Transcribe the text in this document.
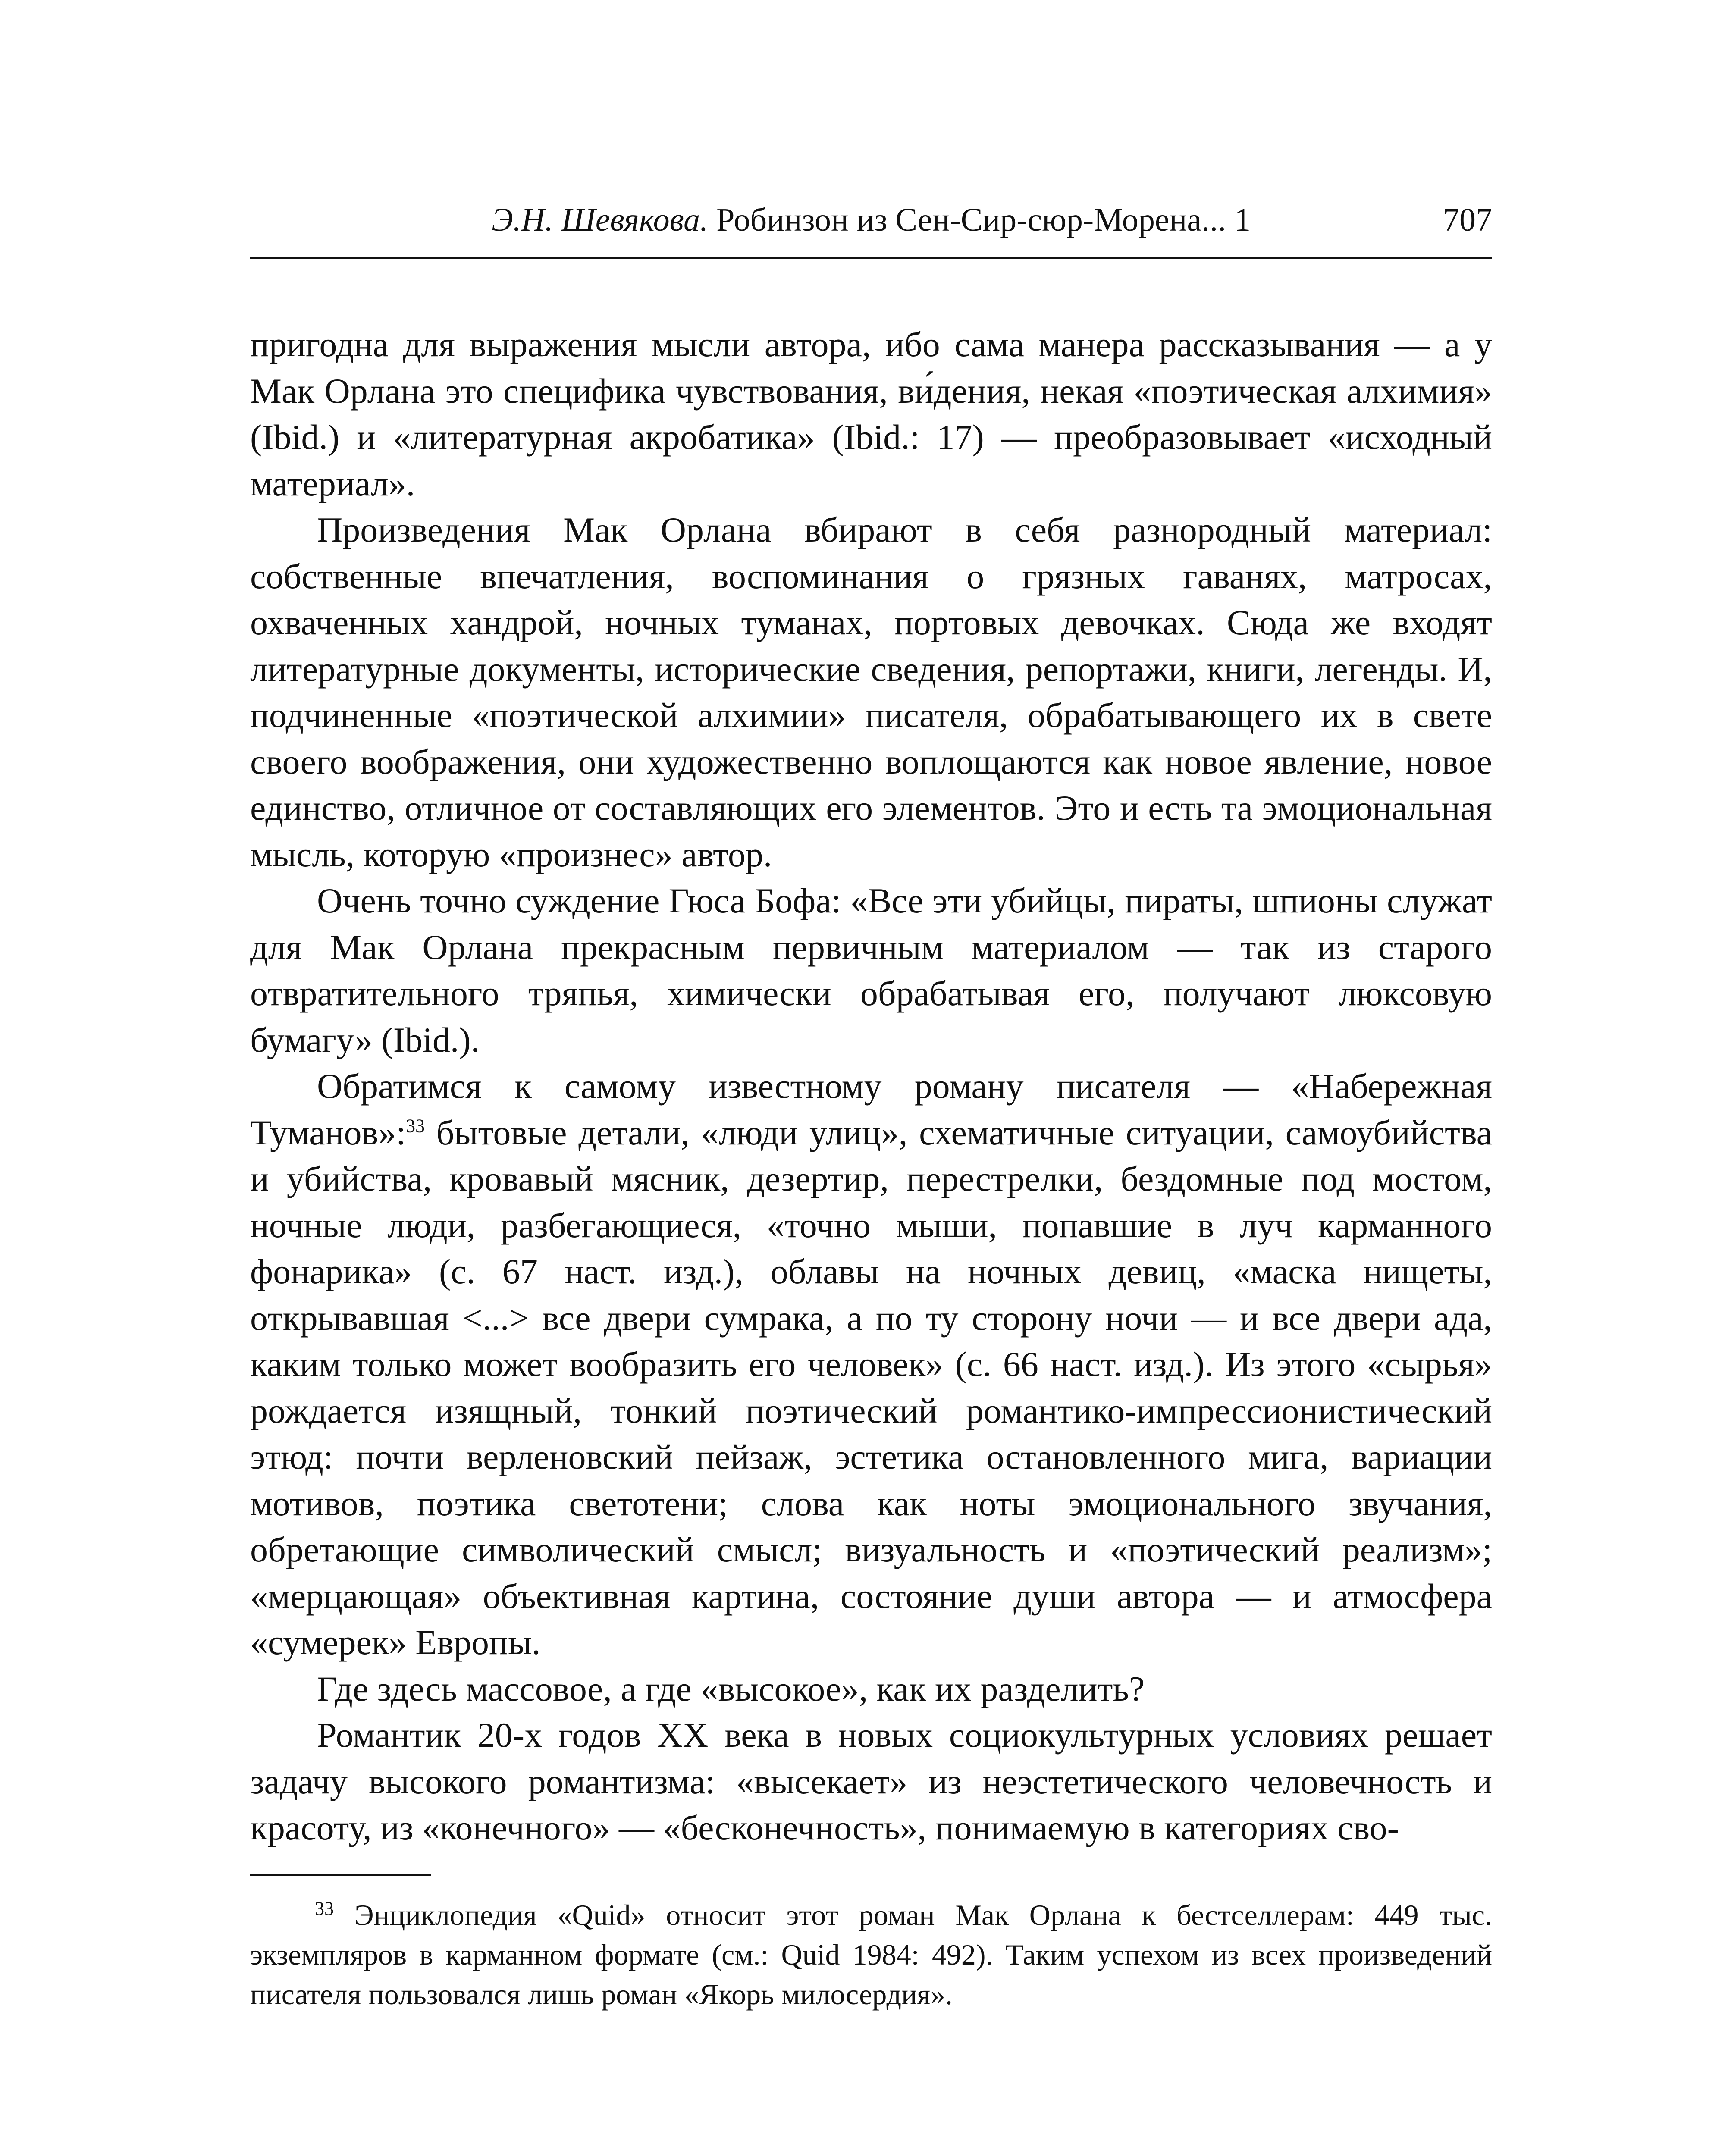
Э.Н. Шевякова. Робинзон из Сен-Сир-сюр-Морена... 1	707

пригодна для выражения мысли автора, ибо сама манера рассказывания — а у Мак Орлана это специфика чувствования, ви́дения, некая «поэтическая алхимия» (Ibid.) и «литературная акробатика» (Ibid.: 17) — преобразовывает «исходный материал».

Произведения Мак Орлана вбирают в себя разнородный материал: собственные впечатления, воспоминания о грязных гаванях, матросах, охваченных хандрой, ночных туманах, портовых девочках. Сюда же входят литературные документы, исторические сведения, репортажи, книги, легенды. И, подчиненные «поэтической алхимии» писателя, обрабатывающего их в свете своего воображения, они художественно воплощаются как новое явление, новое единство, отличное от составляющих его элементов. Это и есть та эмоциональная мысль, которую «произнес» автор.

Очень точно суждение Гюса Бофа: «Все эти убийцы, пираты, шпионы служат для Мак Орлана прекрасным первичным материалом — так из старого отвратительного тряпья, химически обрабатывая его, получают люксовую бумагу» (Ibid.).

Обратимся к самому известному роману писателя — «Набережная Туманов»:$^{33}$ бытовые детали, «люди улиц», схематичные ситуации, самоубийства и убийства, кровавый мясник, дезертир, перестрелки, бездомные под мостом, ночные люди, разбегающиеся, «точно мыши, попавшие в луч карманного фонарика» (с. 67 наст. изд.), облавы на ночных девиц, «маска нищеты, открывавшая <...> все двери сумрака, а по ту сторону ночи — и все двери ада, каким только может вообразить его человек» (с. 66 наст. изд.). Из этого «сырья» рождается изящный, тонкий поэтический романтико-импрессионистический этюд: почти верленовский пейзаж, эстетика остановленного мига, вариации мотивов, поэтика светотени; слова как ноты эмоционального звучания, обретающие символический смысл; визуальность и «поэтический реализм»; «мерцающая» объективная картина, состояние души автора — и атмосфера «сумерек» Европы.

Где здесь массовое, а где «высокое», как их разделить?

Романтик 20-х годов XX века в новых социокультурных условиях решает задачу высокого романтизма: «высекает» из неэстетического человечность и красоту, из «конечного» — «бесконечность», понимаемую в категориях сво-

$^{33}$ Энциклопедия «Quid» относит этот роман Мак Орлана к бестселлерам: 449 тыс. экземпляров в карманном формате (см.: Quid 1984: 492). Таким успехом из всех произведений писателя пользовался лишь роман «Якорь милосердия».
